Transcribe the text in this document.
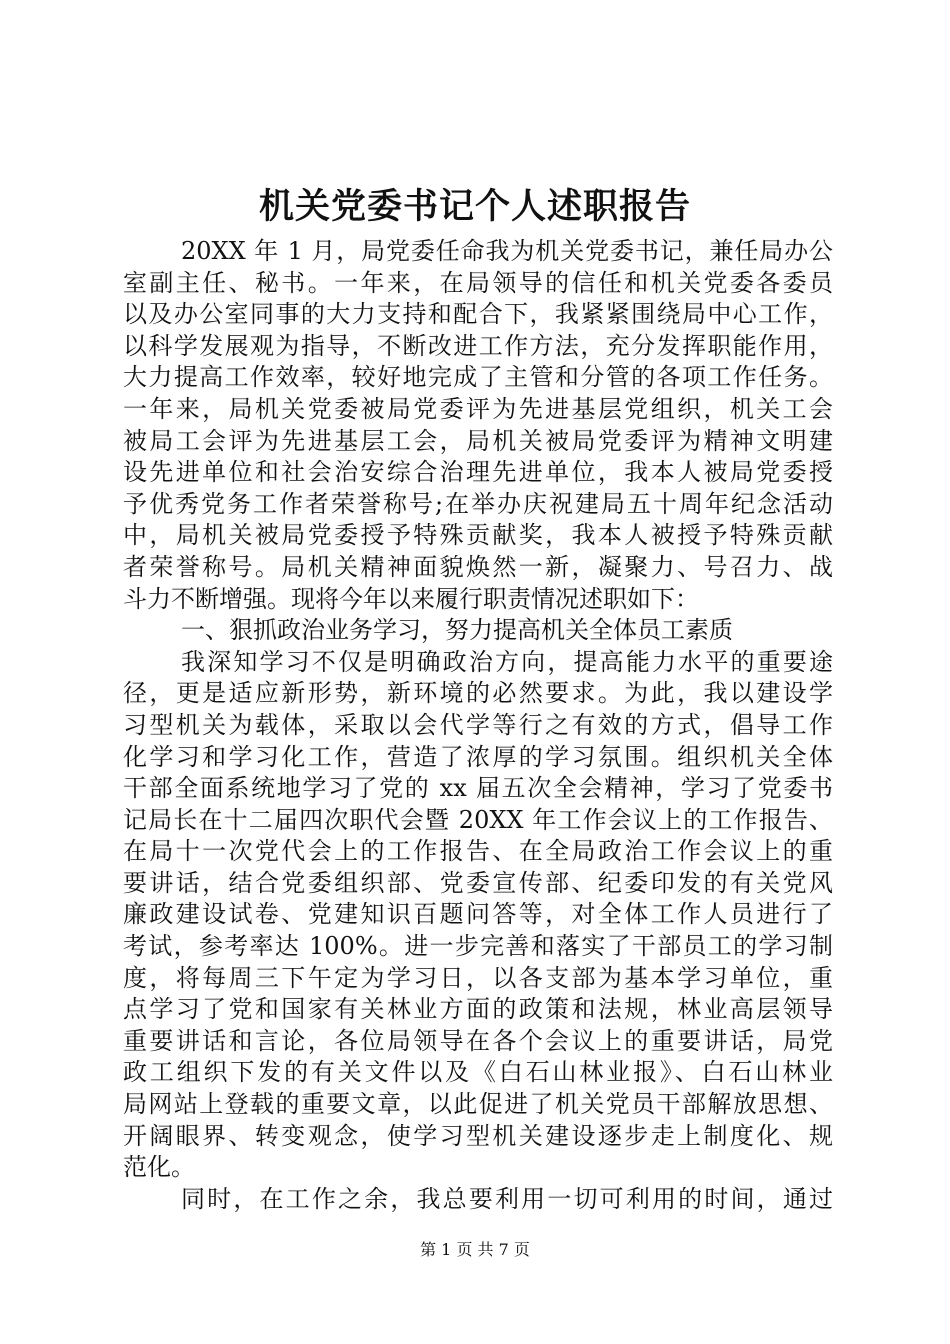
机关党委书记个人述职报告
20XX 年 1 月，局党委任命我为机关党委书记，兼任局办公
室副主任、秘书。一年来，在局领导的信任和机关党委各委员
以及办公室同事的大力支持和配合下，我紧紧围绕局中心工作，
以科学发展观为指导，不断改进工作方法，充分发挥职能作用，
大力提高工作效率，较好地完成了主管和分管的各项工作任务。
一年来，局机关党委被局党委评为先进基层党组织，机关工会
被局工会评为先进基层工会，局机关被局党委评为精神文明建
设先进单位和社会治安综合治理先进单位，我本人被局党委授
予优秀党务工作者荣誉称号;在举办庆祝建局五十周年纪念活动
中，局机关被局党委授予特殊贡献奖，我本人被授予特殊贡献
者荣誉称号。局机关精神面貌焕然一新，凝聚力、号召力、战
斗力不断增强。现将今年以来履行职责情况述职如下：
一、狠抓政治业务学习，努力提高机关全体员工素质
我深知学习不仅是明确政治方向，提高能力水平的重要途
径，更是适应新形势，新环境的必然要求。为此，我以建设学
习型机关为载体，采取以会代学等行之有效的方式，倡导工作
化学习和学习化工作，营造了浓厚的学习氛围。组织机关全体
干部全面系统地学习了党的 xx 届五次全会精神，学习了党委书
记局长在十二届四次职代会暨 20XX 年工作会议上的工作报告、
在局十一次党代会上的工作报告、在全局政治工作会议上的重
要讲话，结合党委组织部、党委宣传部、纪委印发的有关党风
廉政建设试卷、党建知识百题问答等，对全体工作人员进行了
考试，参考率达 100%。进一步完善和落实了干部员工的学习制
度，将每周三下午定为学习日，以各支部为基本学习单位，重
点学习了党和国家有关林业方面的政策和法规，林业高层领导
重要讲话和言论，各位局领导在各个会议上的重要讲话，局党
政工组织下发的有关文件以及《白石山林业报》、白石山林业
局网站上登载的重要文章，以此促进了机关党员干部解放思想、
开阔眼界、转变观念，使学习型机关建设逐步走上制度化、规
范化。
同时，在工作之余，我总要利用一切可利用的时间，通过
第 1 页 共 7 页
